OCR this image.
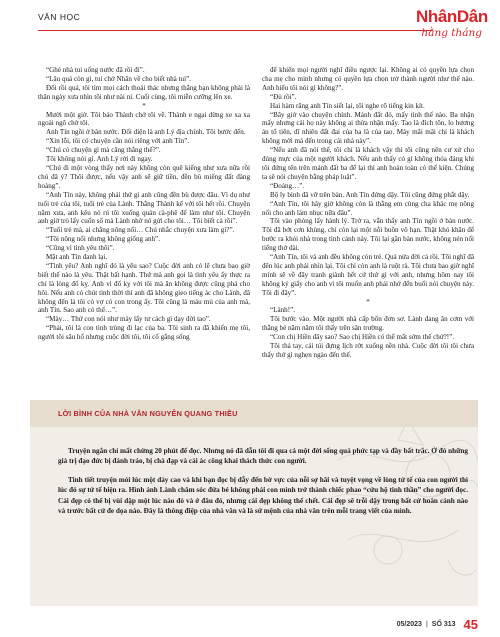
VĂN HỌC	NhânDân
hằng tháng

“Ghé nhà tui uống nước đã rồi đi”.

“Lâu quá còn gì, tui chở Nhân về cho biết nhà tui”.

Đối rồi quá, tôi tìm mọi cách thoái thác nhưng thẳng bạn không phải là thân ngày xưa nhìn tôi như nài nỉ. Cuối cùng, tôi miễn cưỡng lên xe.

*

Mười một giờ. Tôi báo Thành chở tôi về. Thành e ngại dừng xe xa xa ngoài ngõ chờ tôi.

Anh Tín ngồi ở bàn nước. Đối diện là anh Lý địa chính. Tôi bước đến.

“Xin lỗi, tôi có chuyện cần nói riêng với anh Tín”.

“Chú có chuyện gì mà căng thẳng thế?”.

Tôi không nói gì. Anh Lý rời đi ngay.

“Chú đi một vòng thấy nơi này không còn quê kiểng như xưa nữa rồi chú đã ý? Thôi được, nếu vậy anh sẽ giữ tiền, đền bù miếng đất đàng hoàng”.

“Anh Tín này, không phải thứ gì anh cũng đền bù được đâu. Vì dụ như tuổi trẻ của tôi, tuổi trẻ của Lành. Thằng Thành kể với tôi hết rồi. Chuyện năm xưa, anh kêu nó rủ tôi xuống quán cà-phê để làm như tôi. Chuyện anh giờ trò lấy cuốn sổ mà Lành nhờ nó gửi cho tôi… Tôi biết cả rồi”.

“Tuổi trẻ mà, ai chẳng nông nổi… Chú nhắc chuyện xưa làm gì?”.

“Tôi nông nổi nhưng không giống anh”.

“Cũng vì tình yêu thôi”.

Mặt anh Tín đanh lại.

“Tình yêu? Anh nghĩ đó là yêu sao? Cuộc đời anh có lẽ chưa bao giờ biết thế nào là yêu. Thật bất hạnh. Thứ mà anh gọi là tình yêu ấy thực ra chỉ là lòng đố kỵ. Anh vì đố kỵ với tôi mà ăn không được cũng phá cho hôi. Nếu anh có chút tình thời thì anh đã không gieo tiếng ác cho Lành, đã không đến lả tôi có vợ có con trong ấy. Tôi cũng là máu mủ của anh mà, anh Tín. Sao anh có thể…”.

“Mày… Thứ con nói như mày lấy tư cách gì dạy đời tao”.

“Phải, tôi là con tình trùng đi lạc của ba. Tôi sinh ra đã khiến mẹ tôi, người tôi sâu hổ nhưng cuộc đời tôi, tôi cố gắng sống

để khiến mọi người nghĩ điều ngược lại. Không ai có quyền lựa chọn cha mẹ cho mình nhưng có quyền lựa chọn trở thành người như thế nào. Anh hiểu tôi nói gì không?”.

“Đủ rồi”.

Hai hàm răng anh Tín siết lại, tôi nghe rõ tiếng kin kít.

“Bây giờ vào chuyện chính. Mảnh đất đó, mấy tình thế nào. Ba nhận mấy nhưng cái họ này không ai thừa nhận mấy. Tao là đích tôn, lo hương án tổ tiên, dĩ nhiên đất đai của ba là của tao. Mày mãi mãi chỉ là khách không mời mà đến trong cái nhà này”.

“Nếu anh đã nói thế, tôi chỉ là khách vậy thì tôi cũng nên cư xử cho đúng mực của một người khách. Nếu anh thấy có gì không thỏa đáng khi tôi đứng tên trên mảnh đất ba để lại thì anh hoàn toàn có thể kiện. Chúng ta sẽ nói chuyện bằng pháp luật”.

“Đoàng…”.

Bộ ly bình đã vỡ trên bàn. Anh Tín đứng dậy. Tôi cũng đứng phắt dậy.

“Anh Tín, tôi hãy giờ không còn là thằng em cùng cha khác mẹ nông nổi cho anh làm nhục nữa đâu”.

Tôi vào phòng lấy hành lý. Trở ra, vẫn thấy anh Tín ngồi ở bàn nước. Tôi đã bớt cơn khùng, chỉ còn lại một nỗi buồn vô hạn. Thật khó khăn để bước ra khỏi nhà trong tình cảnh này. Tôi lại gần bàn nước, không nén nổi tiếng thở dài.

“Anh Tín, tôi và anh đều không còn trẻ. Quá nửa đời cả rồi. Tôi nghĩ đã đến lúc anh phải nhìn lại. Tôi chỉ còn anh là ruột rà. Tôi chưa bao giờ nghĩ mình sẽ về đây tranh giành hết cứ thứ gì với anh, nhưng hôm nay tôi không ký giấy cho anh vì tôi muốn anh phải nhớ đến buổi nói chuyện này. Tôi đi đây”.

*

“Lành!”.

Tôi bước vào. Một người nhà cấp bốn đơn sơ. Lành đang ăn cơm với thằng bé năm năm tôi thấy trên sân trường.

“Con chị Hiền đây sao? Sao chị Hiền có thể mất sớm thế chứ?!”.

Tôi thả tay, cái túi đựng lịch rớt xuống nền nhà. Cuộc đời tôi tôi chưa thấy thứ gì nghẹn ngào đến thế.

LỜI BÌNH CỦA NHÀ VĂN NGUYỄN QUANG THIỀU

Truyện ngắn chỉ mất chừng 20 phút để đọc. Nhưng nó đã dẫn tôi đi qua cả một đời sống quá phức tạp và đầy bất trắc. Ở đó những giá trị đạo đức bị đánh tráo, bị chà đạp và cái ác công khai thách thức con người.

Tinh tiết truyện mỏi lúc một dày cao và khi bạn đọc bị dẫy đến bờ vực của nỗi sợ hãi và tuyệt vọng về lòng tử tế của con người thì lúc đó sự tử tế hiện ra. Hình ảnh Lành chăm sóc đứa bé không phải con mình trở thành chiếc phao “cứu hộ tinh thần” cho người đọc. Cái đẹp có thể bị vùi dập một lúc nào đó và ở đâu đó, nhưng cái đẹp không thể chết. Cái đẹp sẽ trỗi dậy trong bất cứ hoàn cảnh nào và trước bất cứ đe dọa nào. Đây là thông điệp của nhà văn và là sứ mệnh của nhà văn trên mỗi trang viết của mình.

05/2023 | SỐ 313 45
